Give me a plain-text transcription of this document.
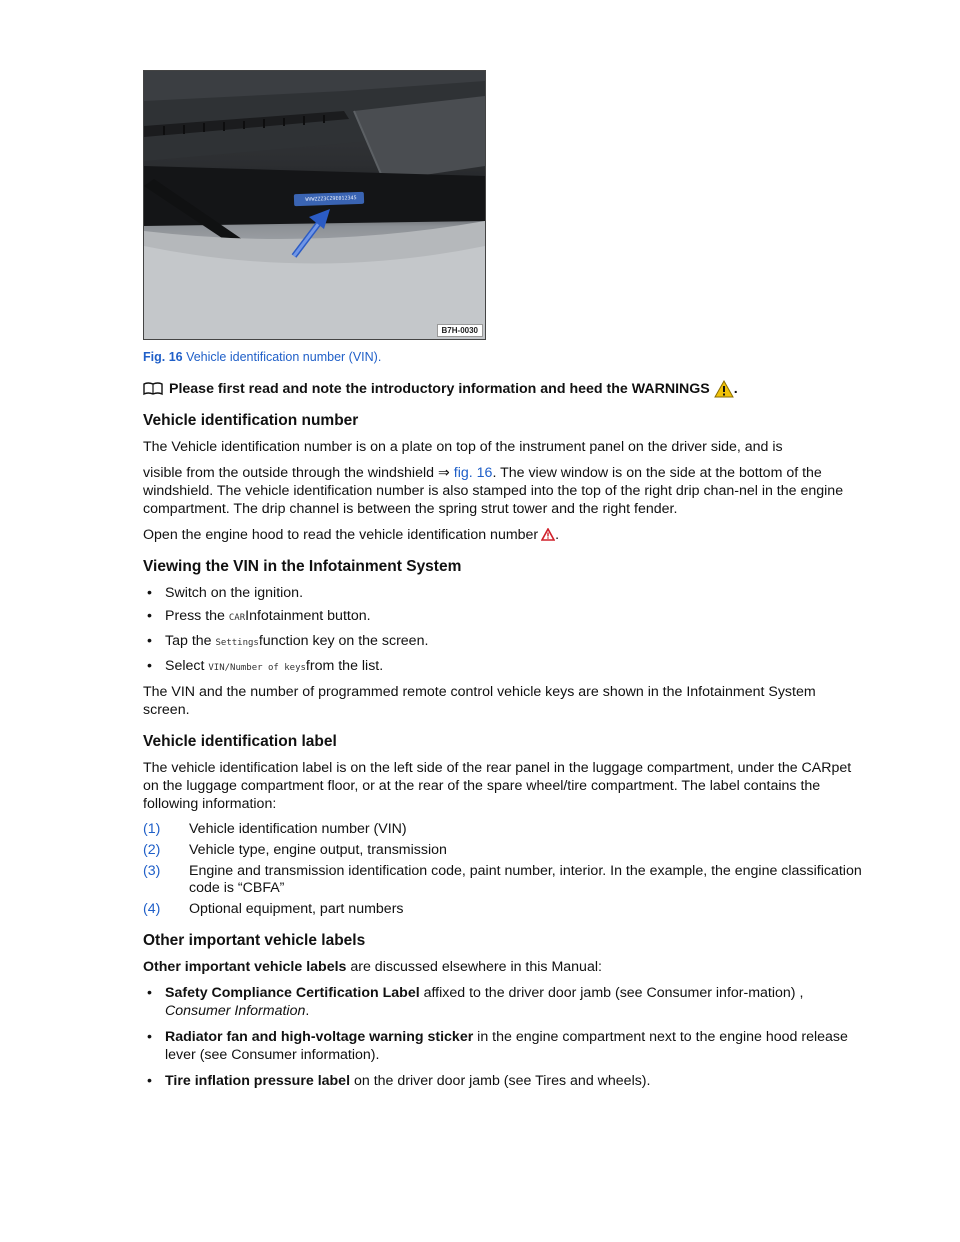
WVWZZZ3CZ9E012345
B7H-0030
Fig. 16 Vehicle identification number (VIN).
Please first read and note the introductory information and heed the WARNINGS .
Vehicle identification number

The Vehicle identification number is on a plate on top of the instrument panel on the driver side, and is

visible from the outside through the windshield ⇒ fig. 16. The view window is on the side at the bottom of the windshield. The vehicle identification number is also stamped into the top of the right drip chan-nel in the engine compartment. The drip channel is between the spring strut tower and the right fender.

Open the engine hood to read the vehicle identification number .

Viewing the VIN in the Infotainment System
• Switch on the ignition.
• Press the CARInfotainment button.
• Tap the Settingsfunction key on the screen.
• Select VIN/Number of keysfrom the list.

The VIN and the number of programmed remote control vehicle keys are shown in the Infotainment System screen.

Vehicle identification label

The vehicle identification label is on the left side of the rear panel in the luggage compartment, under the CARpet on the luggage compartment floor, or at the rear of the spare wheel/tire compartment. The label contains the following information:

(1)	Vehicle identification number (VIN)
(2)	Vehicle type, engine output, transmission
(3)	Engine and transmission identification code, paint number, interior. In the example, the engine classification code is “CBFA”
(4)	Optional equipment, part numbers
Other important vehicle labels

Other important vehicle labels are discussed elsewhere in this Manual:

• Safety Compliance Certification Label affixed to the driver door jamb (see Consumer infor-mation) , Consumer Information.
• Radiator fan and high-voltage warning sticker in the engine compartment next to the engine hood release lever (see Consumer information).
• Tire inflation pressure label on the driver door jamb (see Tires and wheels).
